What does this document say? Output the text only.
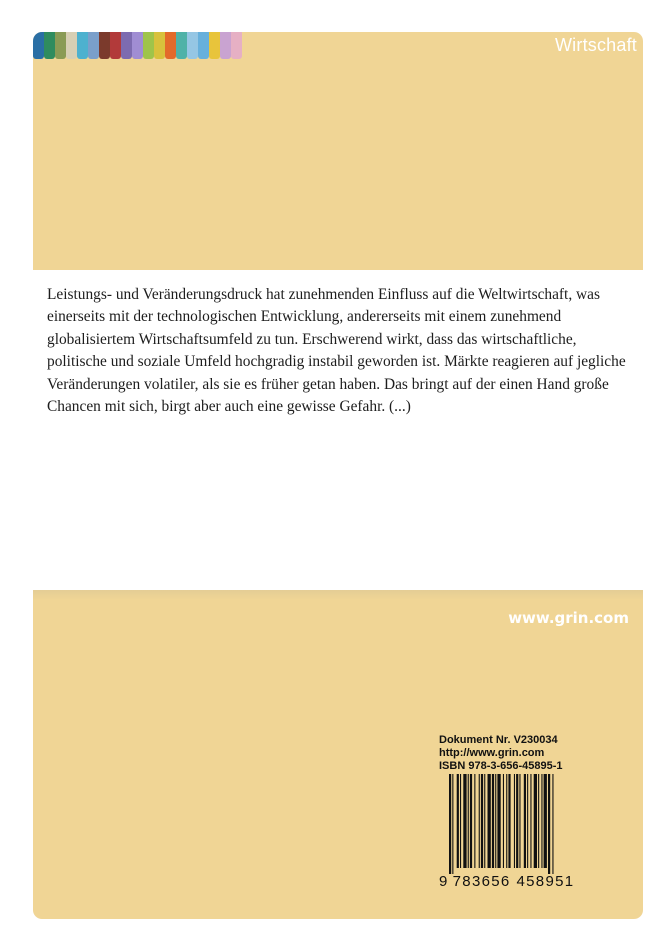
Wirtschaft

Leistungs- und Veränderungsdruck hat zunehmenden Einfluss auf die Weltwirtschaft, was einerseits mit der technologischen Entwicklung, andererseits mit einem zunehmend globalisiertem Wirtschaftsumfeld zu tun. Erschwerend wirkt, dass das wirtschaftliche, politische und soziale Umfeld hochgradig instabil geworden ist. Märkte reagieren auf jegliche Veränderungen volatiler, als sie es früher getan haben. Das bringt auf der einen Hand große Chancen mit sich, birgt aber auch eine gewisse Gefahr. (...)

www.grin.com
Dokument Nr. V230034
http://www.grin.com
ISBN 978-3-656-45895-1
9 783656 458951
